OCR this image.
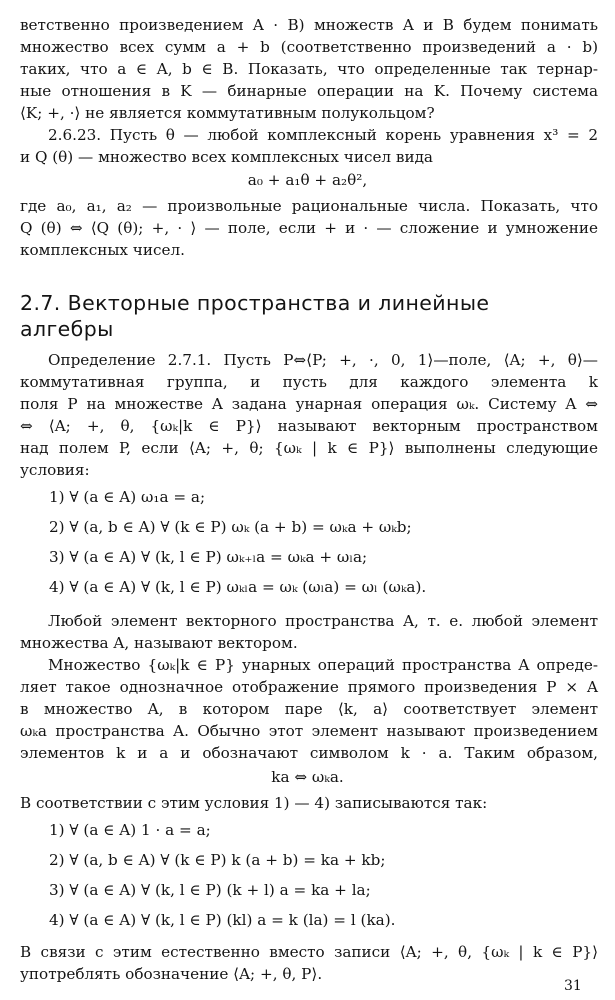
ветственно произведением A · B) множеств A и B будем понимать
множество всех сумм a + b (соответственно произведений a · b)
таких, что a ∈ A, b ∈ B. Показать, что определенные так тернар-
ные отношения в K — бинарные операции на K. Почему система
⟨K; +, ·⟩ не является коммутативным полукольцом?
2.6.23. Пусть θ — любой комплексный корень уравнения x³ = 2
и Q (θ) — множество всех комплексных чисел вида
a₀ + a₁θ + a₂θ²,
где a₀, a₁, a₂ — произвольные рациональные числа. Показать, что
Q (θ) ⇔ ⟨Q (θ); +, · ⟩ — поле, если + и · — сложение и умножение
комплексных чисел.
2.7. Векторные пространства и линейные
алгебры
Определение 2.7.1. Пусть P⇔⟨P; +, ·, 0, 1⟩—поле, ⟨A; +, θ⟩—
коммутативная группа, и пусть для каждого элемента k
поля P на множестве A задана унарная операция ωₖ. Систему A ⇔
⇔ ⟨A; +, θ, {ωₖ|k ∈ P}⟩ называют векторным пространством
над полем P, если ⟨A; +, θ; {ωₖ | k ∈ P}⟩ выполнены следующие
условия:
1) ∀ (a ∈ A) ω₁a = a;
2) ∀ (a, b ∈ A) ∀ (k ∈ P) ωₖ (a + b) = ωₖa + ωₖb;
3) ∀ (a ∈ A) ∀ (k, l ∈ P) ωₖ₊ₗa = ωₖa + ωₗa;
4) ∀ (a ∈ A) ∀ (k, l ∈ P) ωₖₗa = ωₖ (ωₗa) = ωₗ (ωₖa).
Любой элемент векторного пространства A, т. е. любой элемент
множества A, называют вектором.
Множество {ωₖ|k ∈ P} унарных операций пространства A опреде-
ляет такое однозначное отображение прямого произведения P × A
в множество A, в котором паре ⟨k, a⟩ соответствует элемент
ωₖa пространства A. Обычно этот элемент называют произведением
элементов k и a и обозначают символом k · a. Таким образом,
ka ⇔ ωₖa.
В соответствии с этим условия 1) — 4) записываются так:
1) ∀ (a ∈ A) 1 · a = a;
2) ∀ (a, b ∈ A) ∀ (k ∈ P) k (a + b) = ka + kb;
3) ∀ (a ∈ A) ∀ (k, l ∈ P) (k + l) a = ka + la;
4) ∀ (a ∈ A) ∀ (k, l ∈ P) (kl) a = k (la) = l (ka).
В связи с этим естественно вместо записи ⟨A; +, θ, {ωₖ | k ∈ P}⟩
употреблять обозначение ⟨A; +, θ, P⟩.
31
